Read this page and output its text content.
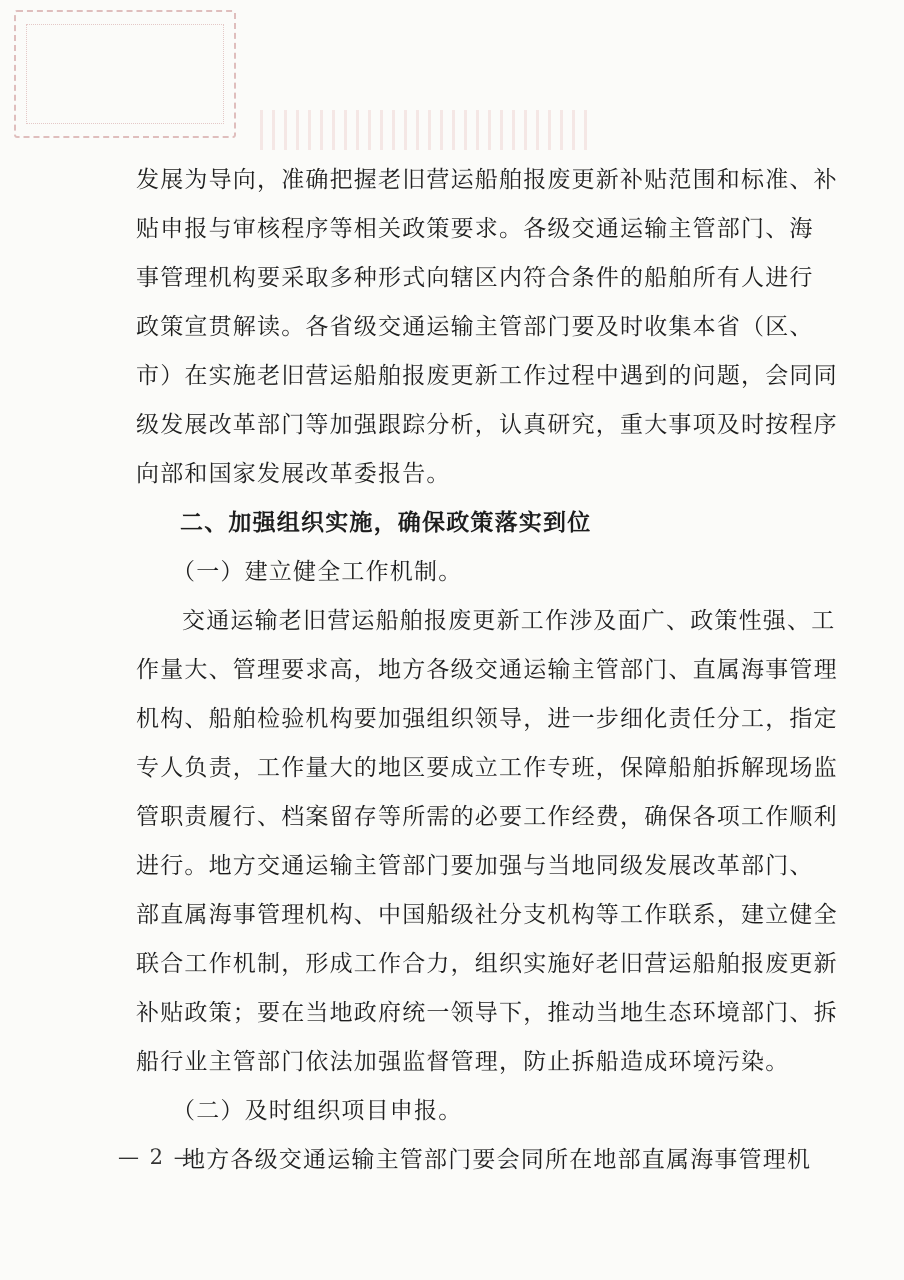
发展为导向，准确把握老旧营运船舶报废更新补贴范围和标准、补
贴申报与审核程序等相关政策要求。各级交通运输主管部门、海
事管理机构要采取多种形式向辖区内符合条件的船舶所有人进行
政策宣贯解读。各省级交通运输主管部门要及时收集本省（区、
市）在实施老旧营运船舶报废更新工作过程中遇到的问题，会同同
级发展改革部门等加强跟踪分析，认真研究，重大事项及时按程序
向部和国家发展改革委报告。
二、加强组织实施，确保政策落实到位
（一）建立健全工作机制。
交通运输老旧营运船舶报废更新工作涉及面广、政策性强、工
作量大、管理要求高，地方各级交通运输主管部门、直属海事管理
机构、船舶检验机构要加强组织领导，进一步细化责任分工，指定
专人负责，工作量大的地区要成立工作专班，保障船舶拆解现场监
管职责履行、档案留存等所需的必要工作经费，确保各项工作顺利
进行。地方交通运输主管部门要加强与当地同级发展改革部门、
部直属海事管理机构、中国船级社分支机构等工作联系，建立健全
联合工作机制，形成工作合力，组织实施好老旧营运船舶报废更新
补贴政策；要在当地政府统一领导下，推动当地生态环境部门、拆
船行业主管部门依法加强监督管理，防止拆船造成环境污染。
（二）及时组织项目申报。
地方各级交通运输主管部门要会同所在地部直属海事管理机
— 2 —
